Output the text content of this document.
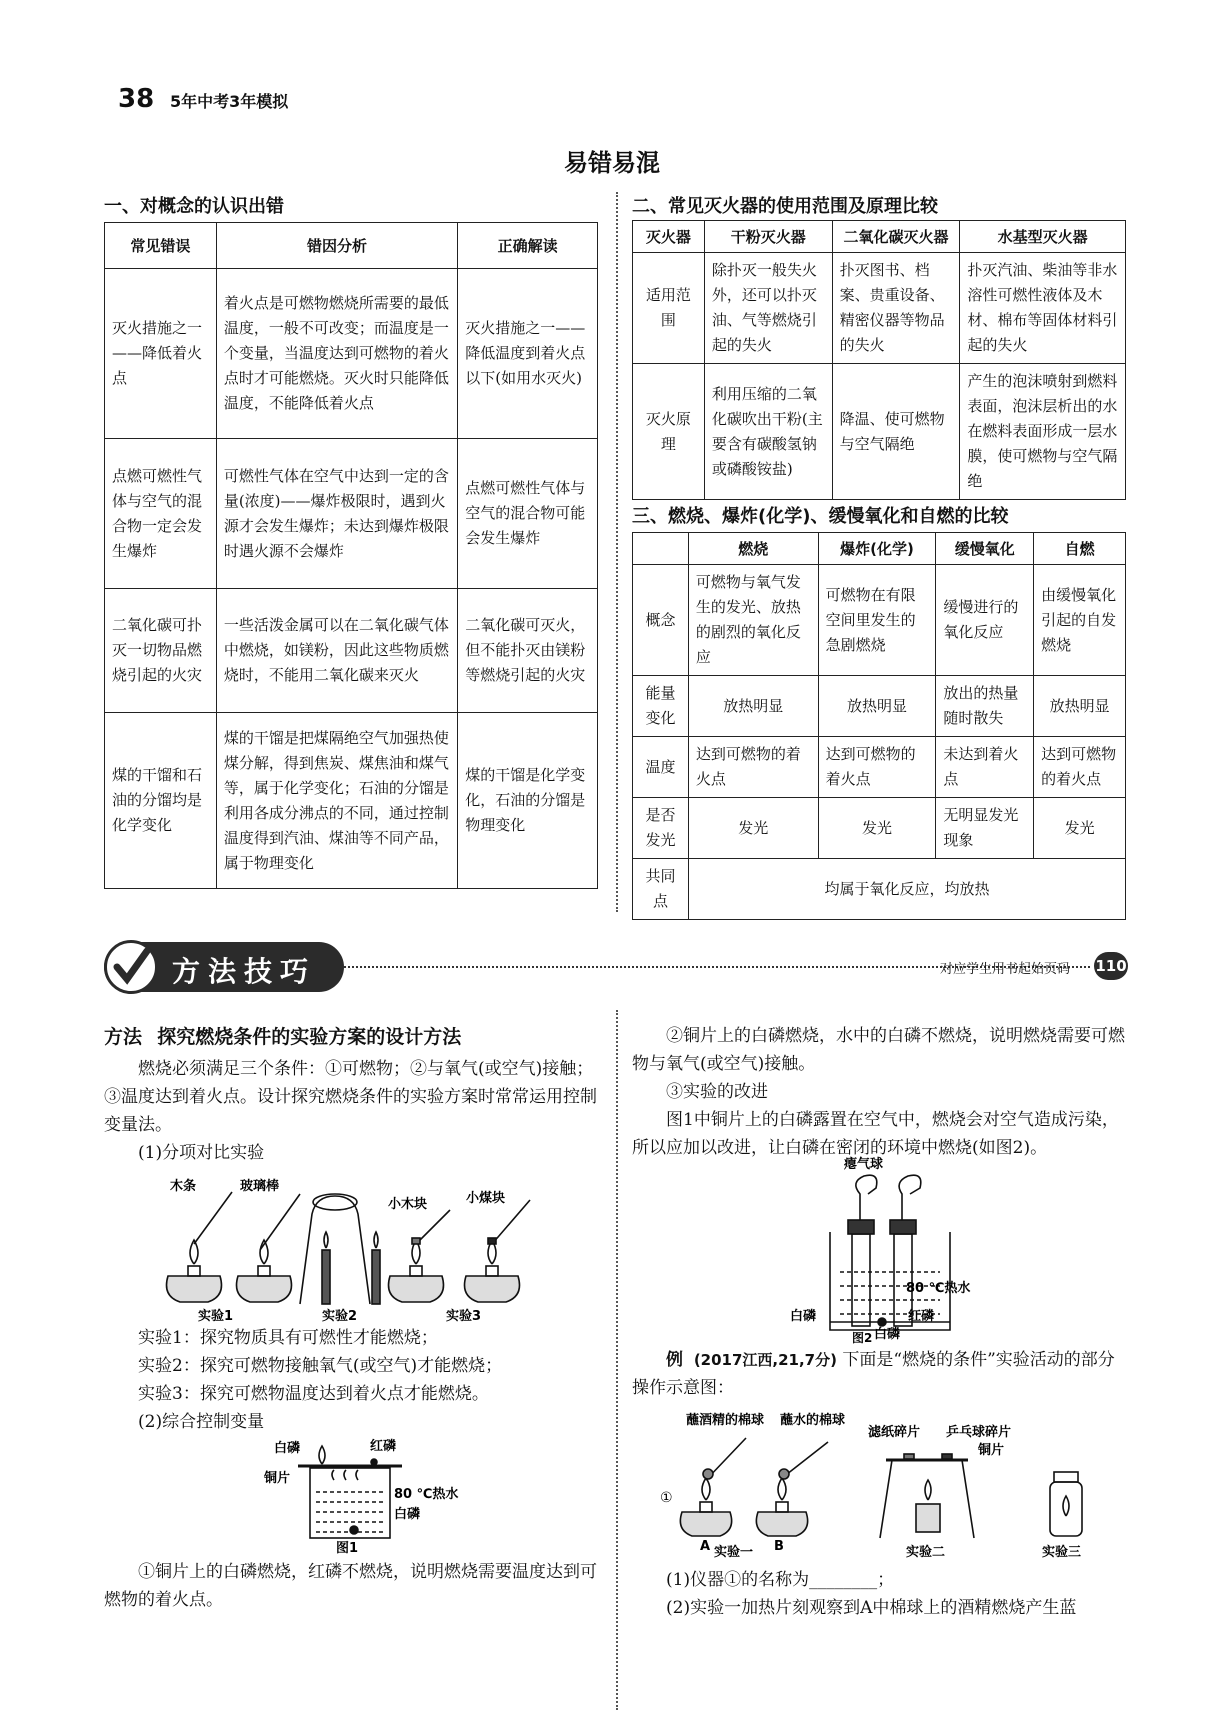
38 5年中考3年模拟
易错易混
一、对概念的认识出错
常见错误	错因分析	正确解读
灭火措施之一——降低着火点	着火点是可燃物燃烧所需要的最低温度，一般不可改变；而温度是一个变量，当温度达到可燃物的着火点时才可能燃烧。灭火时只能降低温度，不能降低着火点	灭火措施之一——降低温度到着火点以下(如用水灭火)
点燃可燃性气体与空气的混合物一定会发生爆炸	可燃性气体在空气中达到一定的含量(浓度)——爆炸极限时，遇到火源才会发生爆炸；未达到爆炸极限时遇火源不会爆炸	点燃可燃性气体与空气的混合物可能会发生爆炸
二氧化碳可扑灭一切物品燃烧引起的火灾	一些活泼金属可以在二氧化碳气体中燃烧，如镁粉，因此这些物质燃烧时，不能用二氧化碳来灭火	二氧化碳可灭火，但不能扑灭由镁粉等燃烧引起的火灾
煤的干馏和石油的分馏均是化学变化	煤的干馏是把煤隔绝空气加强热使煤分解，得到焦炭、煤焦油和煤气等，属于化学变化；石油的分馏是利用各成分沸点的不同，通过控制温度得到汽油、煤油等不同产品，属于物理变化	煤的干馏是化学变化，石油的分馏是物理变化
二、常见灭火器的使用范围及原理比较
灭火器	干粉灭火器	二氧化碳灭火器	水基型灭火器
适用范围	除扑灭一般失火外，还可以扑灭油、气等燃烧引起的失火	扑灭图书、档案、贵重设备、精密仪器等物品的失火	扑灭汽油、柴油等非水溶性可燃性液体及木材、棉布等固体材料引起的失火
灭火原理	利用压缩的二氧化碳吹出干粉(主要含有碳酸氢钠或磷酸铵盐)	降温、使可燃物与空气隔绝	产生的泡沫喷射到燃料表面，泡沫层析出的水在燃料表面形成一层水膜，使可燃物与空气隔绝
三、燃烧、爆炸(化学)、缓慢氧化和自燃的比较
	燃烧	爆炸(化学)	缓慢氧化	自燃
概念	可燃物与氧气发生的发光、放热的剧烈的氧化反应	可燃物在有限空间里发生的急剧燃烧	缓慢进行的氧化反应	由缓慢氧化引起的自发燃烧
能量变化	放热明显	放热明显	放出的热量随时散失	放热明显
温度	达到可燃物的着火点	达到可燃物的着火点	未达到着火点	达到可燃物的着火点
是否发光	发光	发光	无明显发光现象	发光
共同点	均属于氧化反应，均放热			
方法技巧	对应学生用书起始页码 110
方法 探究燃烧条件的实验方案的设计方法
燃烧必须满足三个条件：①可燃物；②与氧气(或空气)接触；③温度达到着火点。设计探究燃烧条件的实验方案时常常运用控制变量法。
(1)分项对比实验
木条	玻璃棒
小木块	小煤块
实验1	实验2	实验3
实验1：探究物质具有可燃性才能燃烧；
实验2：探究可燃物接触氧气(或空气)才能燃烧；
实验3：探究可燃物温度达到着火点才能燃烧。
(2)综合控制变量
白磷	红磷
铜片
80 ℃热水
白磷
图1
①铜片上的白磷燃烧，红磷不燃烧，说明燃烧需要温度达到可燃物的着火点。
②铜片上的白磷燃烧，水中的白磷不燃烧，说明燃烧需要可燃物与氧气(或空气)接触。
③实验的改进
图1中铜片上的白磷露置在空气中，燃烧会对空气造成污染，所以应加以改进，让白磷在密闭的环境中燃烧(如图2)。
瘪气球
80 ℃热水
白磷	红磷
白磷
图2
例 (2017江西,21,7分) 下面是“燃烧的条件”实验活动的部分操作示意图：
蘸酒精的棉球 蘸水的棉球
滤纸碎片 乒乓球碎片
铜片
①
A	B
实验一	实验二	实验三
(1)仪器①的名称为________；
(2)实验一加热片刻观察到A中棉球上的酒精燃烧产生蓝
